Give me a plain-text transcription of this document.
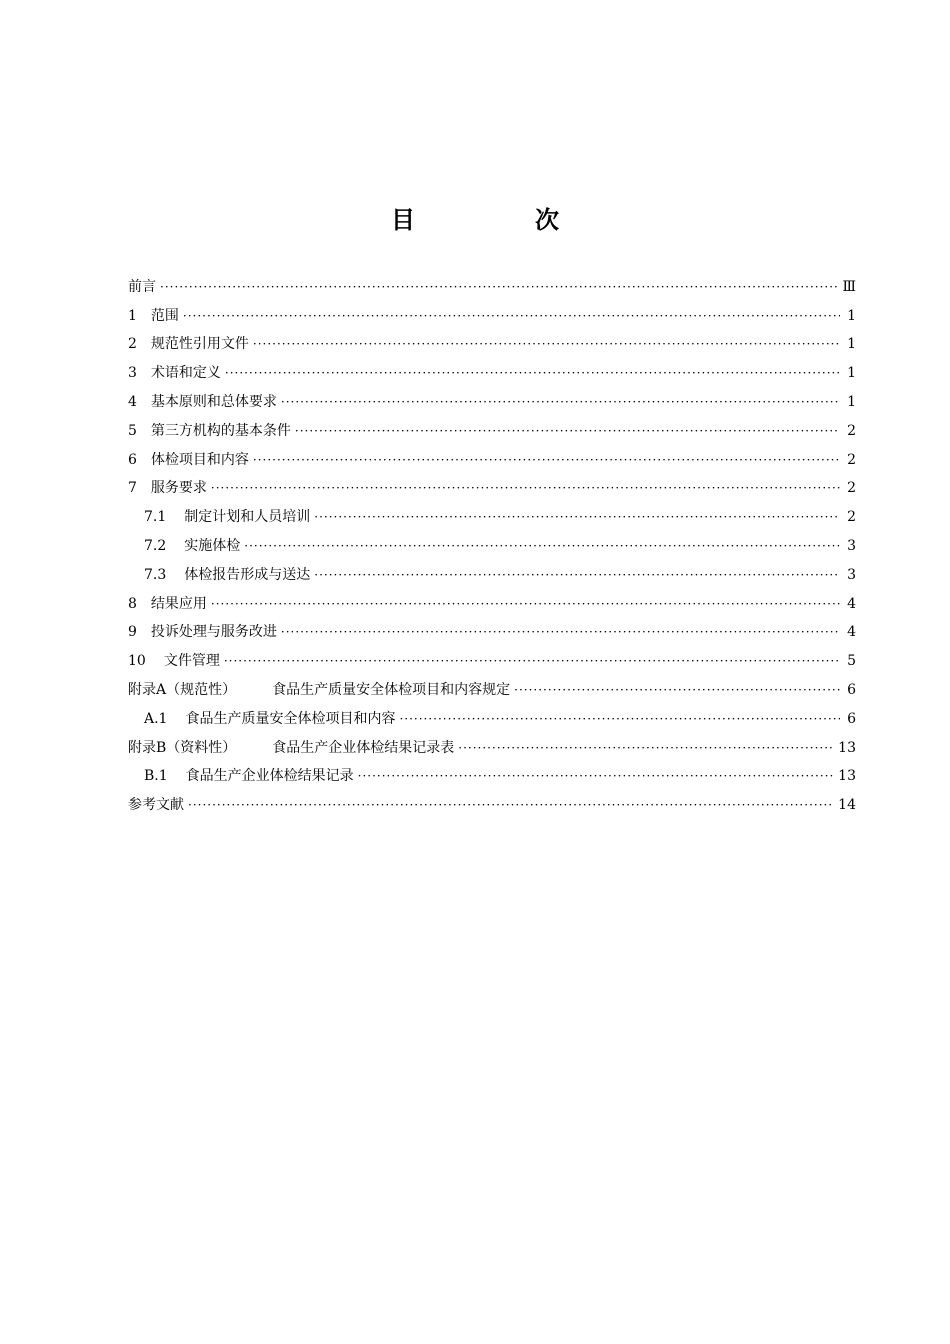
目　次
前言 ·····	Ⅲ
1 范围 ·····	1
2 规范性引用文件 ·····	1
3 术语和定义 ·····	1
4 基本原则和总体要求 ·····	1
5 第三方机构的基本条件 ·····	2
6 体检项目和内容 ·····	2
7 服务要求 ·····	2
7.1 制定计划和人员培训 ·····	2
7.2 实施体检 ·····	3
7.3 体检报告形成与送达 ·····	3
8 结果应用 ·····	4
9 投诉处理与服务改进 ·····	4
10 文件管理 ·····	5
附录A（规范性）	食品生产质量安全体检项目和内容规定 ·····	6
A.1 食品生产质量安全体检项目和内容 ·····	6
附录B（资料性）	食品生产企业体检结果记录表 ·····	13
B.1 食品生产企业体检结果记录 ·····	13
参考文献 ·····	14
